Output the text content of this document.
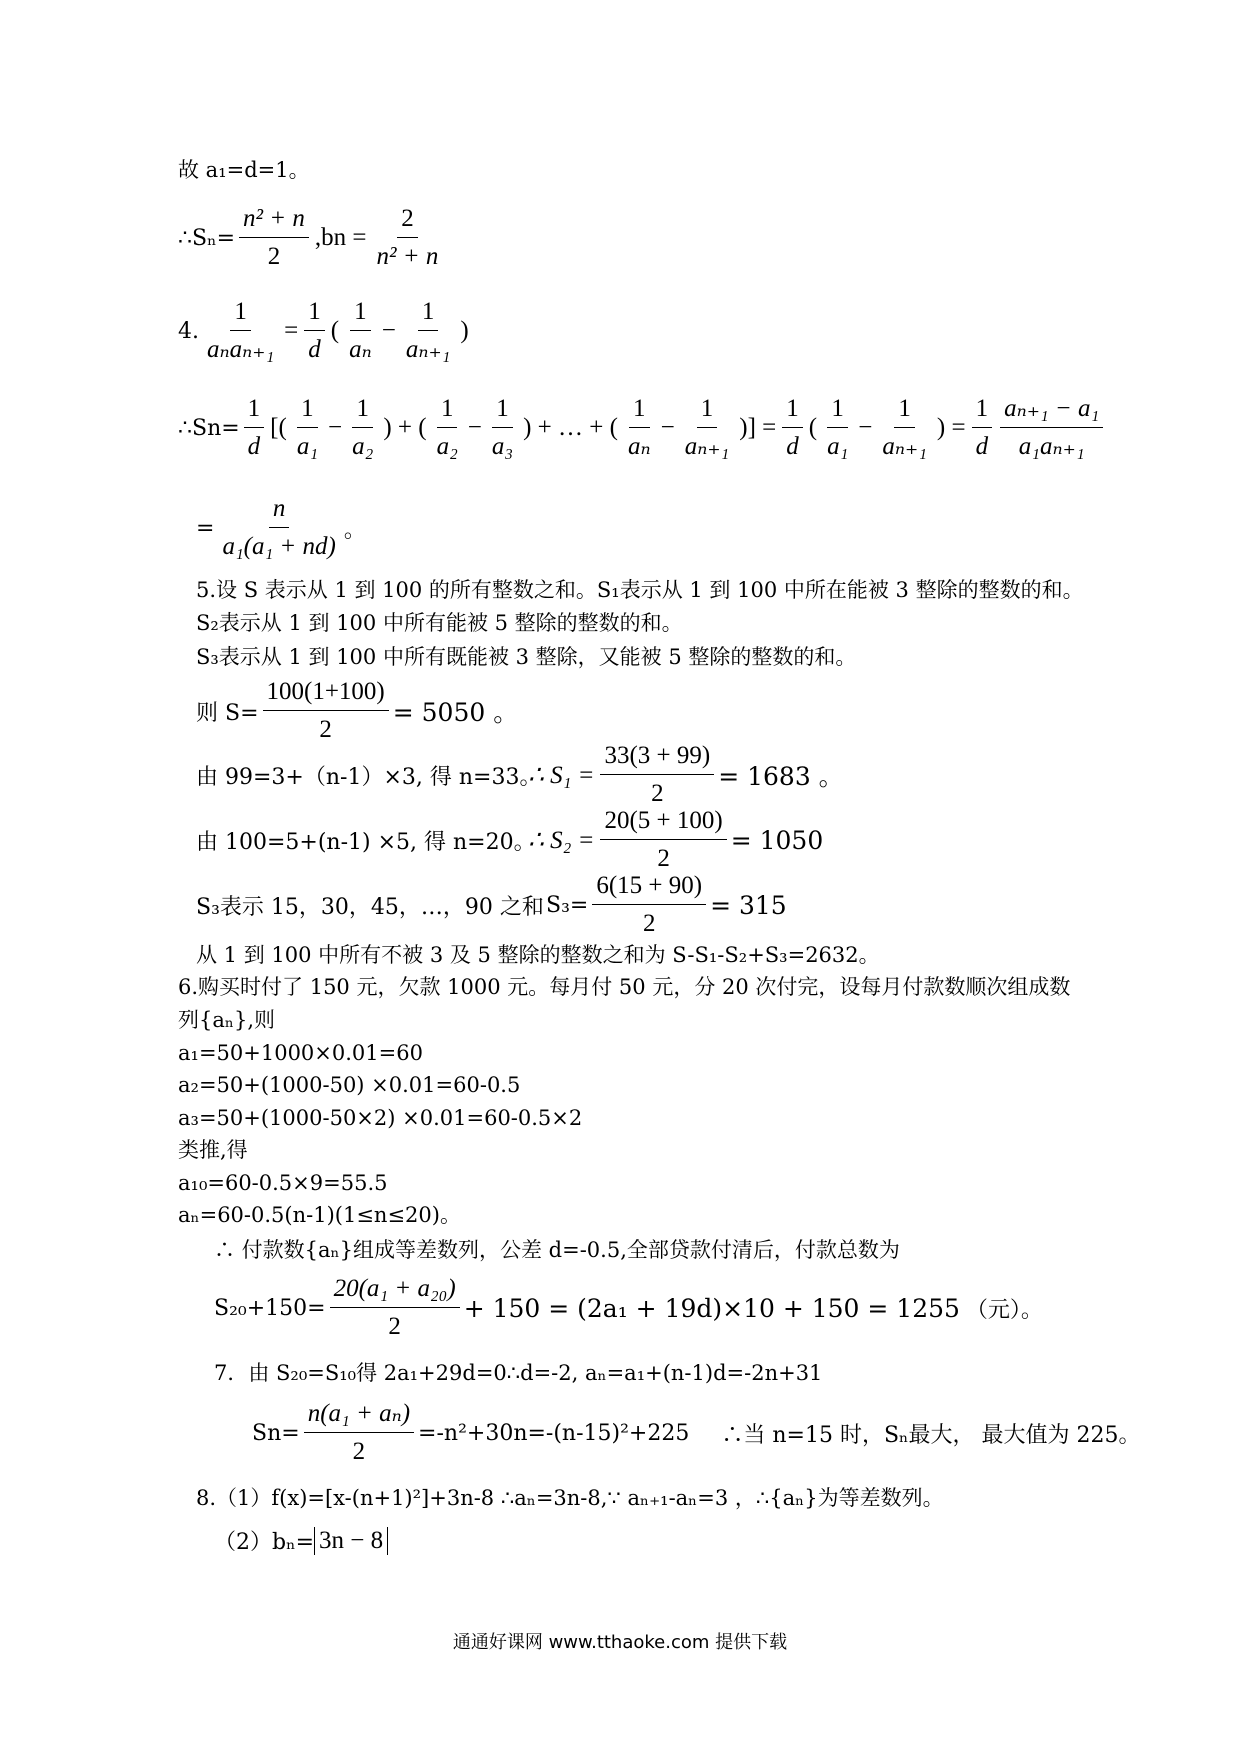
故 a₁=d=1。
∴Sₙ= $\frac{\text{n² + n}}{2} ,bn = \frac{2}{\text{n² + n}}$
4. $\frac{1}{\text{aₙaₙ₊₁}} = \frac{1}{d}$ ( $\frac{1}{\text{aₙ}} - \frac{1}{\text{aₙ₊₁}}$ )
∴Sn= $\frac{1}{d}$ [( $\frac{1}{\text{a₁}} - \frac{1}{\text{a₂}}$ ) + ( $\frac{1}{\text{a₂}} - \frac{1}{\text{a₃}}$ ) + … + ( $\frac{1}{\text{aₙ}} - \frac{1}{\text{aₙ₊₁}}$ )] = $\frac{1}{d}$ ( $\frac{1}{\text{a₁}} - \frac{1}{\text{aₙ₊₁}}$ ) = $\frac{1}{d} \frac{\text{aₙ₊₁ − a₁}}{\text{a₁aₙ₊₁}}$
= $\frac{n}{\text{a₁(a₁ + nd)}}$ 。
5.设 S 表示从 1 到 100 的所有整数之和。S₁表示从 1 到 100 中所在能被 3 整除的整数的和。
S₂表示从 1 到 100 中所有能被 5 整除的整数的和。
S₃表示从 1 到 100 中所有既能被 3 整除，又能被 5 整除的整数的和。
则 $S= \frac{100(1+100)}{2} = 5050$ 。
由 99=3+（n-1）×3, 得 n=33。
∴ $S_1 = \frac{33(3 + 99)}{2} = 1683$ 。
由 100=5+(n-1) ×5, 得 n=20。
∴ $S_2 = \frac{20(5 + 100)}{2} = 1050$
S₃表示 15，30，45，…，90 之和 $S_3= \frac{6(15 + 90)}{2} = 315$
从 1 到 100 中所有不被 3 及 5 整除的整数之和为 S-S₁-S₂+S₃=2632。
6.购买时付了 150 元，欠款 1000 元。每月付 50 元，分 20 次付完，设每月付款数顺次组成数
列{aₙ},则
a₁=50+1000×0.01=60
a₂=50+(1000-50) ×0.01=60-0.5
a₃=50+(1000-50×2) ×0.01=60-0.5×2
类推,得
a₁₀=60-0.5×9=55.5
aₙ=60-0.5(n-1)(1≤n≤20)。
∴ 付款数{aₙ}组成等差数列，公差 d=-0.5,全部贷款付清后，付款总数为
$S_{20}+150= \frac{\text{20(a₁ + a₂₀)}}{2} + 150 = (2a_1 + 19d)\times 10 + 150 = 1255$ （元）。
7．由 S₂₀=S₁₀得 2a₁+29d=0∴d=-2, aₙ=a₁+(n-1)d=-2n+31
$Sn= \frac{\text{n(a₁ + aₙ)}}{2} =-n^2+30n=-(n-15)^2+225$ ∴当 n=15 时，Sₙ最大， 最大值为 225。
8.（1）f(x)=[x-(n+1)²]+3n-8 ∴aₙ=3n-8,∵ aₙ₊₁-aₙ=3 ，∴{aₙ}为等差数列。
（2）bₙ= 3n − 8
通通好课网 www.tthaoke.com 提供下载
